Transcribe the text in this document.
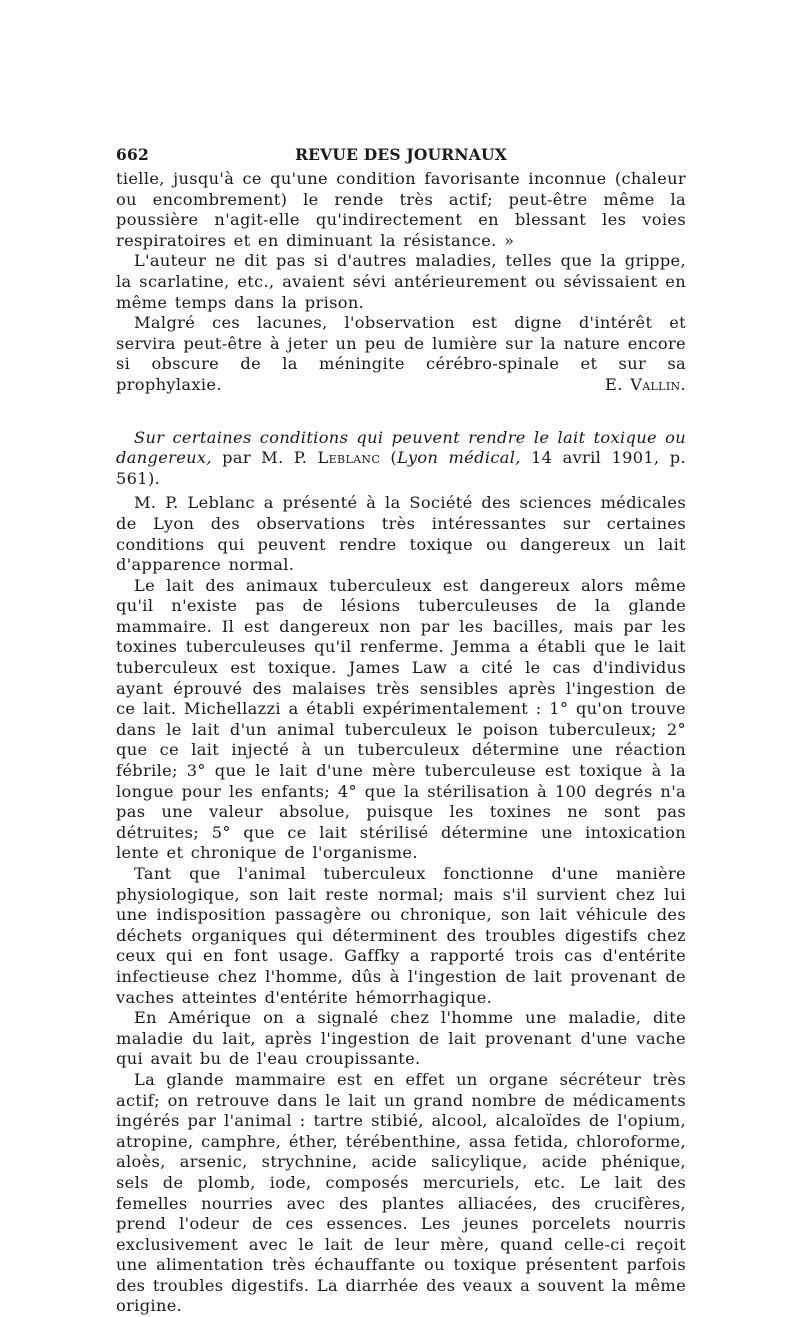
662	REVUE DES JOURNAUX

tielle, jusqu'à ce qu'une condition favorisante inconnue (chaleur ou encombrement) le rende très actif; peut-être même la poussière n'agit-elle qu'indirectement en blessant les voies respiratoires et en diminuant la résistance. »

L'auteur ne dit pas si d'autres maladies, telles que la grippe, la scarlatine, etc., avaient sévi antérieurement ou sévissaient en même temps dans la prison.

Malgré ces lacunes, l'observation est digne d'intérêt et servira peut-être à jeter un peu de lumière sur la nature encore si obscure de la méningite cérébro-spinale et sur sa prophylaxie.	E. Vallin.

Sur certaines conditions qui peuvent rendre le lait toxique ou dangereux, par M. P. Leblanc (Lyon médical, 14 avril 1901, p. 561).

M. P. Leblanc a présenté à la Société des sciences médicales de Lyon des observations très intéressantes sur certaines conditions qui peuvent rendre toxique ou dangereux un lait d'apparence normal.

Le lait des animaux tuberculeux est dangereux alors même qu'il n'existe pas de lésions tuberculeuses de la glande mammaire. Il est dangereux non par les bacilles, mais par les toxines tuberculeuses qu'il renferme. Jemma a établi que le lait tuberculeux est toxique. James Law a cité le cas d'individus ayant éprouvé des malaises très sensibles après l'ingestion de ce lait. Michellazzi a établi expérimentalement : 1° qu'on trouve dans le lait d'un animal tuberculeux le poison tuberculeux; 2° que ce lait injecté à un tuberculeux détermine une réaction fébrile; 3° que le lait d'une mère tuberculeuse est toxique à la longue pour les enfants; 4° que la stérilisation à 100 degrés n'a pas une valeur absolue, puisque les toxines ne sont pas détruites; 5° que ce lait stérilisé détermine une intoxication lente et chronique de l'organisme.

Tant que l'animal tuberculeux fonctionne d'une manière physiologique, son lait reste normal; mais s'il survient chez lui une indisposition passagère ou chronique, son lait véhicule des déchets organiques qui déterminent des troubles digestifs chez ceux qui en font usage. Gaffky a rapporté trois cas d'entérite infectieuse chez l'homme, dûs à l'ingestion de lait provenant de vaches atteintes d'entérite hémorrhagique.

En Amérique on a signalé chez l'homme une maladie, dite maladie du lait, après l'ingestion de lait provenant d'une vache qui avait bu de l'eau croupissante.

La glande mammaire est en effet un organe sécréteur très actif; on retrouve dans le lait un grand nombre de médicaments ingérés par l'animal : tartre stibié, alcool, alcaloïdes de l'opium, atropine, camphre, éther, térébenthine, assa fetida, chloroforme, aloès, arsenic, strychnine, acide salicylique, acide phénique, sels de plomb, iode, composés mercuriels, etc. Le lait des femelles nourries avec des plantes alliacées, des crucifères, prend l'odeur de ces essences. Les jeunes porcelets nourris exclusivement avec le lait de leur mère, quand celle-ci reçoit une alimentation très échauffante ou toxique présentent parfois des troubles digestifs. La diarrhée des veaux a souvent la même origine.
